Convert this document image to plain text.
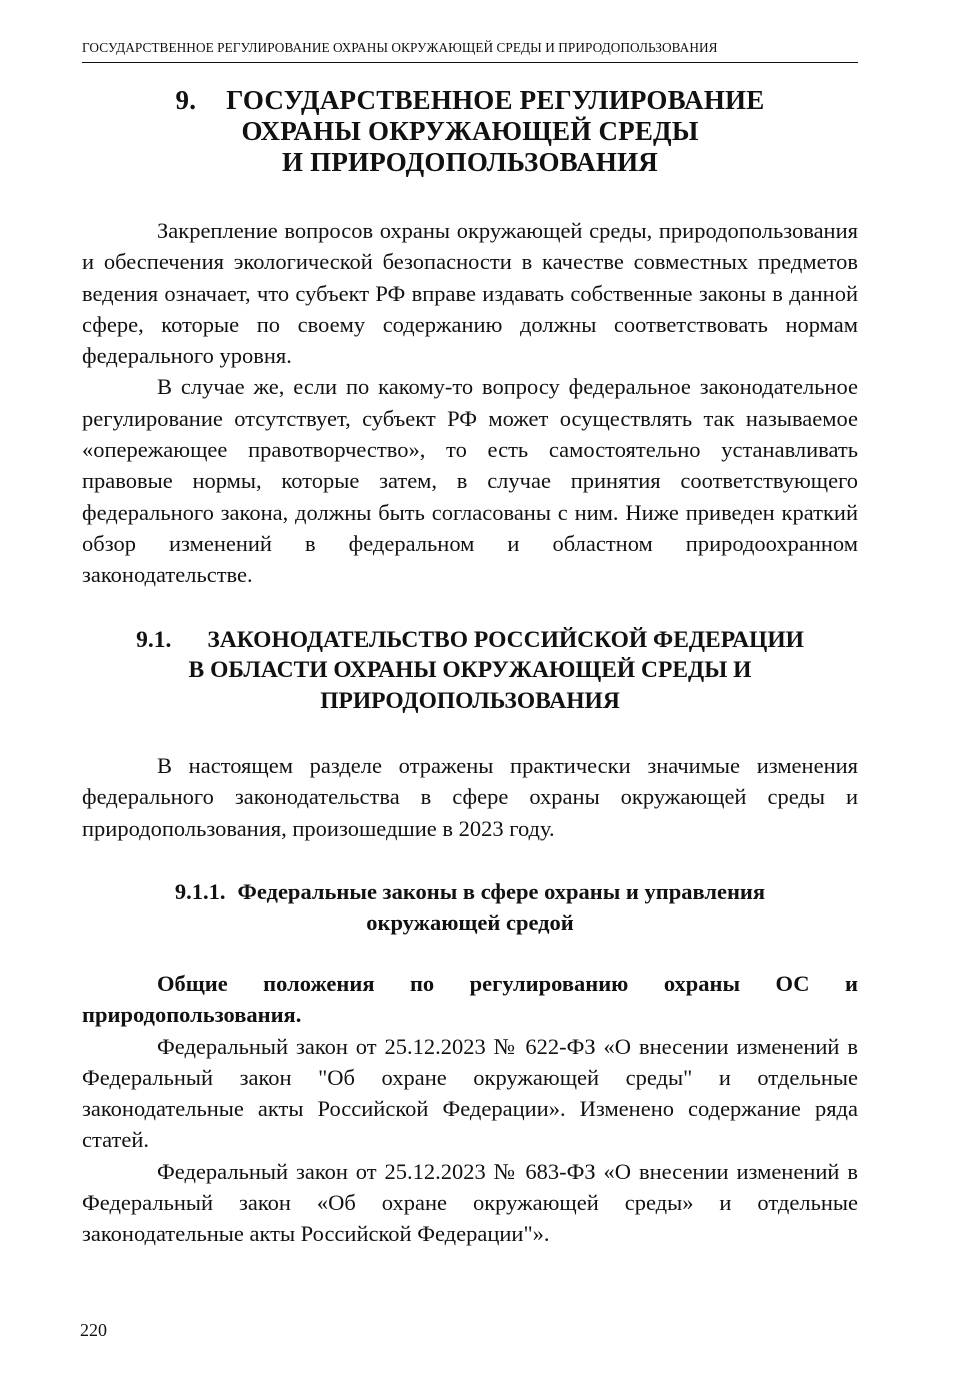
ГОСУДАРСТВЕННОЕ РЕГУЛИРОВАНИЕ ОХРАНЫ ОКРУЖАЮЩЕЙ СРЕДЫ И ПРИРОДОПОЛЬЗОВАНИЯ
9. ГОСУДАРСТВЕННОЕ РЕГУЛИРОВАНИЕ
ОХРАНЫ ОКРУЖАЮЩЕЙ СРЕДЫ
И ПРИРОДОПОЛЬЗОВАНИЯ

Закрепление вопросов охраны окружающей среды, природопользования и обеспечения экологической безопасности в качестве совместных предметов ведения означает, что субъект РФ вправе издавать собственные законы в данной сфере, которые по своему содержанию должны соответствовать нормам федерального уровня.

В случае же, если по какому-то вопросу федеральное законодательное регулирование отсутствует, субъект РФ может осуществлять так называемое «опережающее правотворчество», то есть самостоятельно устанавливать правовые нормы, которые затем, в случае принятия соответствующего федерального закона, должны быть согласованы с ним. Ниже приведен краткий обзор изменений в федеральном и областном природоохранном законодательстве.

9.1. ЗАКОНОДАТЕЛЬСТВО РОССИЙСКОЙ ФЕДЕРАЦИИ
В ОБЛАСТИ ОХРАНЫ ОКРУЖАЮЩЕЙ СРЕДЫ И
ПРИРОДОПОЛЬЗОВАНИЯ

В настоящем разделе отражены практически значимые изменения федерального законодательства в сфере охраны окружающей среды и природопользования, произошедшие в 2023 году.

9.1.1. Федеральные законы в сфере охраны и управления
окружающей средой

Общие положения по регулированию охраны ОС и природопользования.

Федеральный закон от 25.12.2023 № 622-ФЗ «О внесении изменений в Федеральный закон "Об охране окружающей среды" и отдельные законодательные акты Российской Федерации». Изменено содержание ряда статей.

Федеральный закон от 25.12.2023 № 683-ФЗ «О внесении изменений в Федеральный закон «Об охране окружающей среды» и отдельные законодательные акты Российской Федерации"».

220
